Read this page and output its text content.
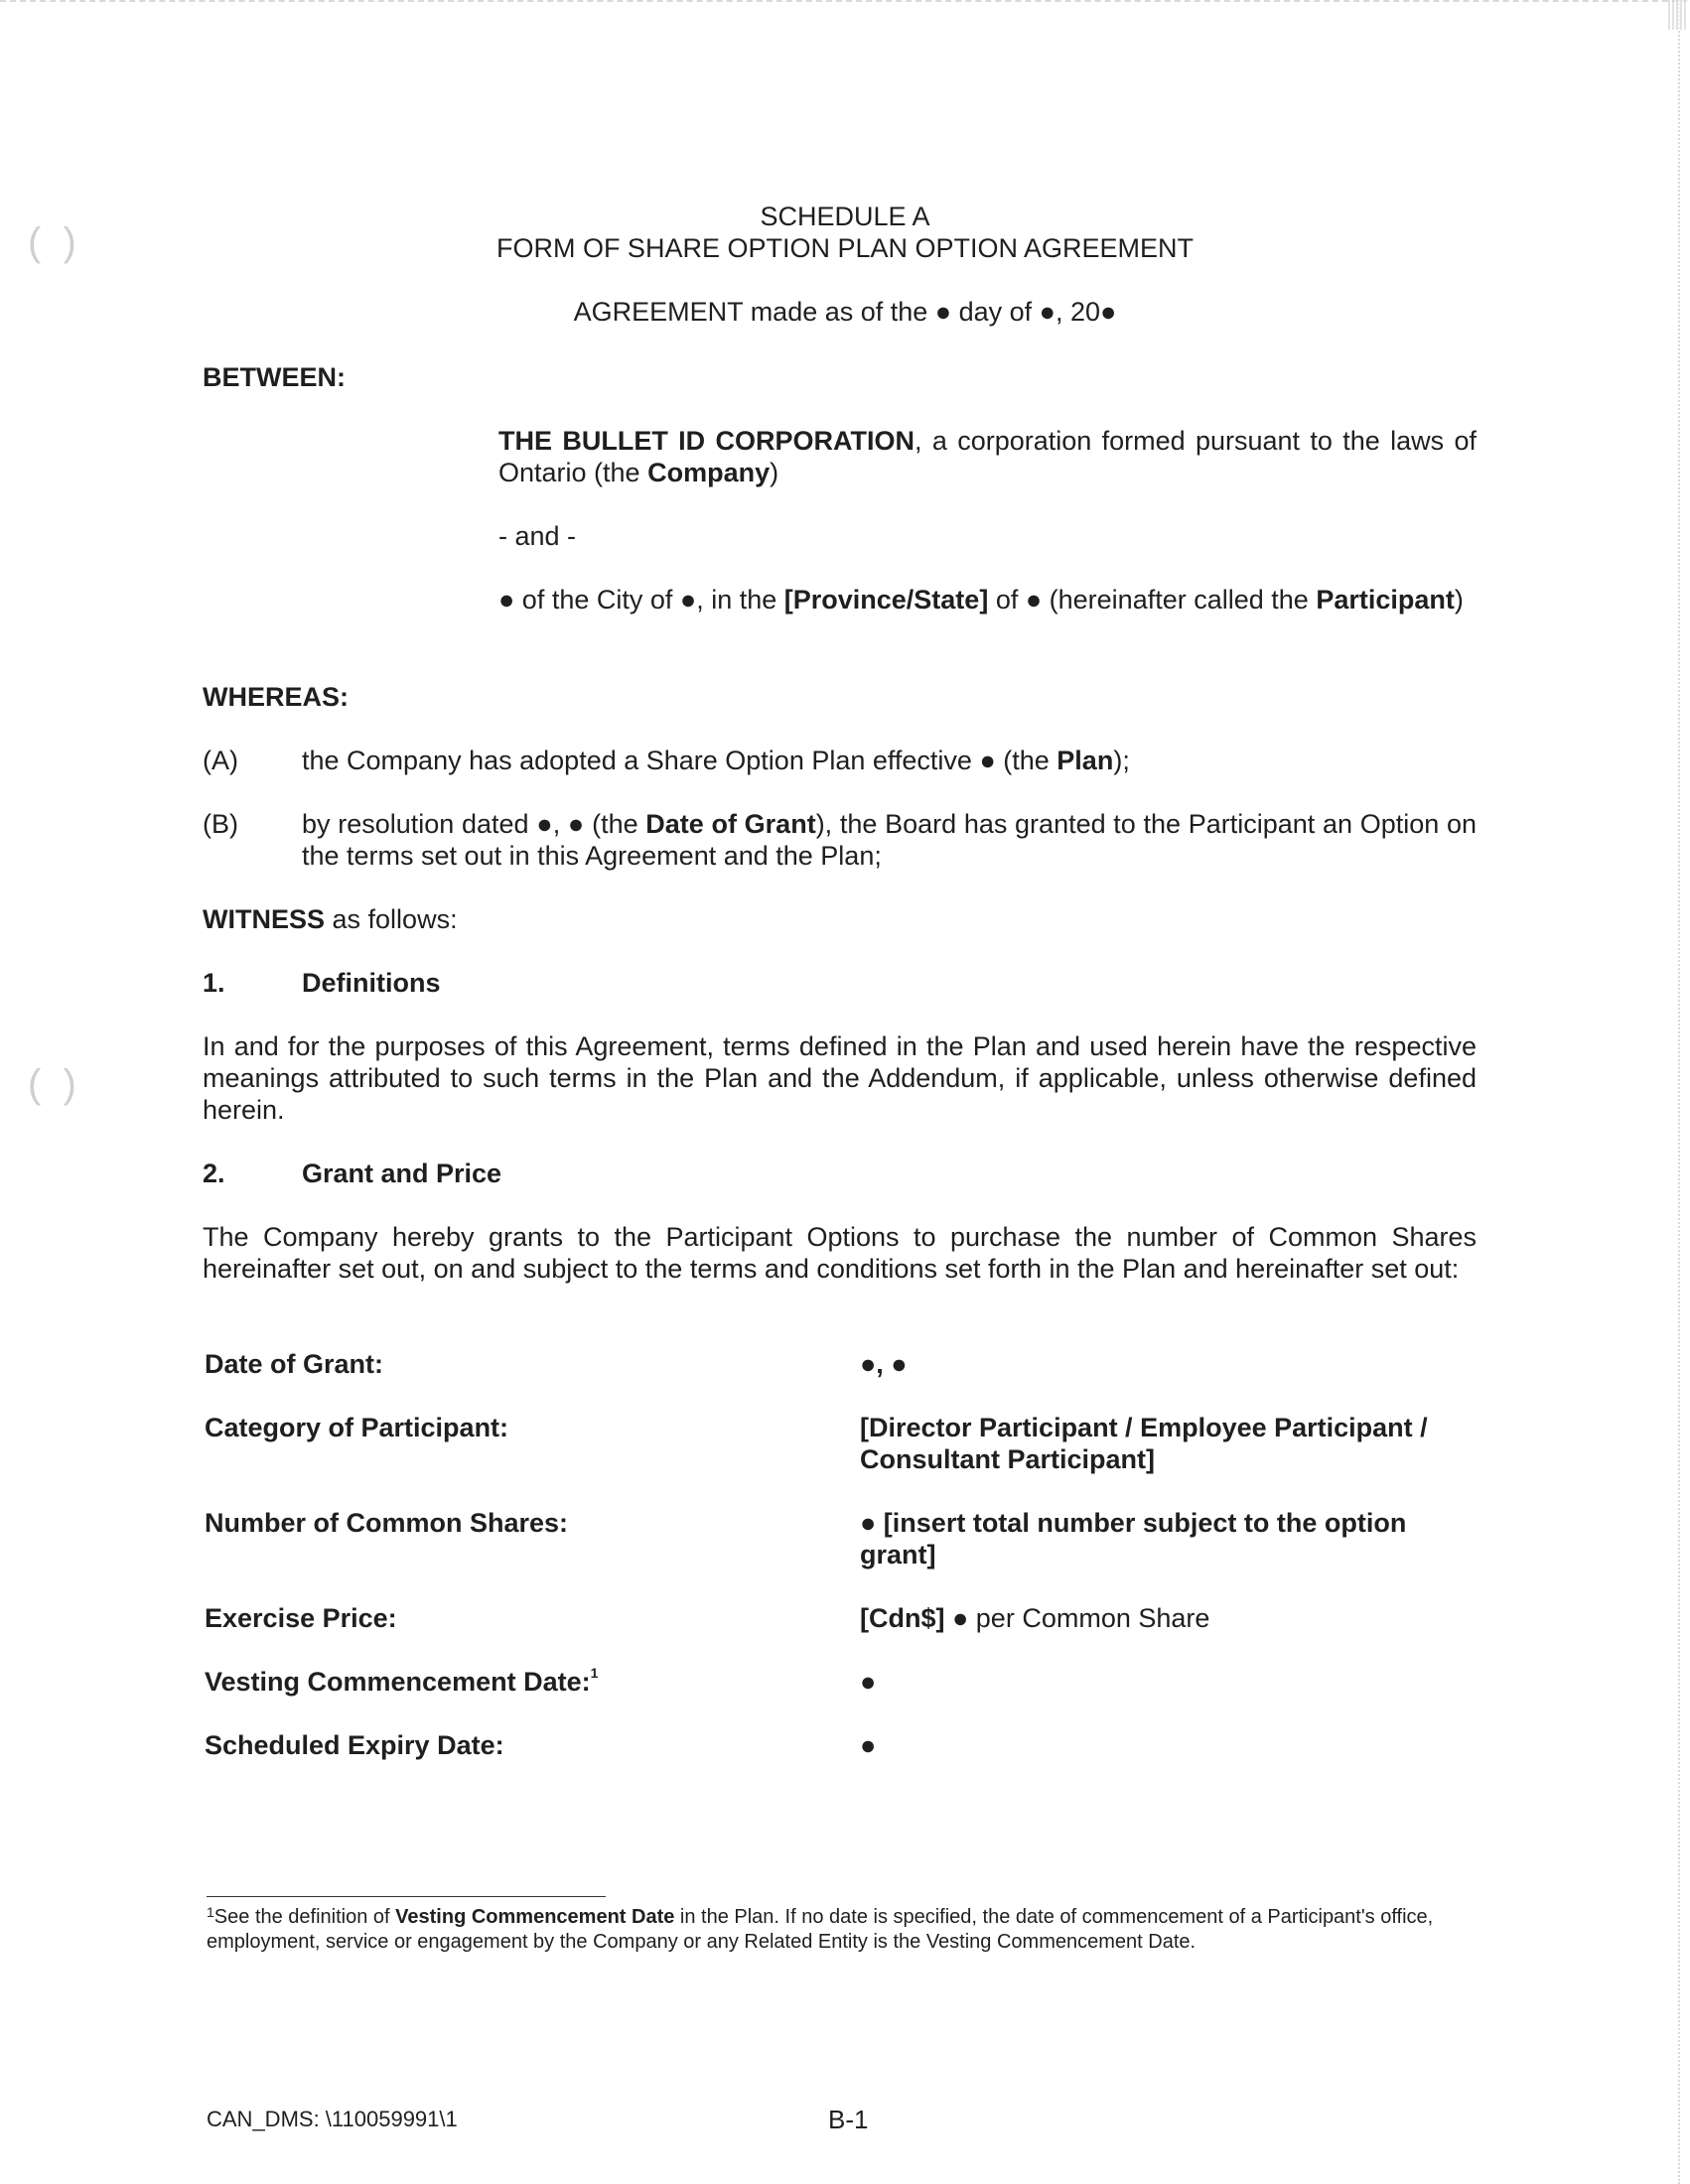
(  )
(  )
SCHEDULE A
FORM OF SHARE OPTION PLAN OPTION AGREEMENT
AGREEMENT made as of the ● day of ●, 20●
BETWEEN:
THE BULLET ID CORPORATION, a corporation formed pursuant to the laws of Ontario (the Company)
- and -
● of the City of ●, in the [Province/State] of ● (hereinafter called the Participant)
WHEREAS:
(A) the Company has adopted a Share Option Plan effective ● (the Plan);
(B) by resolution dated ●, ● (the Date of Grant), the Board has granted to the Participant an Option on the terms set out in this Agreement and the Plan;
WITNESS as follows:
1.	Definitions
In and for the purposes of this Agreement, terms defined in the Plan and used herein have the respective meanings attributed to such terms in the Plan and the Addendum, if applicable, unless otherwise defined herein.
2.	Grant and Price
The Company hereby grants to the Participant Options to purchase the number of Common Shares hereinafter set out, on and subject to the terms and conditions set forth in the Plan and hereinafter set out:
Date of Grant:	●, ●
Category of Participant:	[Director Participant / Employee Participant / Consultant Participant]
Number of Common Shares:	● [insert total number subject to the option grant]
Exercise Price:	[Cdn$] ● per Common Share
Vesting Commencement Date:$^1$	●
Scheduled Expiry Date:	●
$^1$See the definition of Vesting Commencement Date in the Plan. If no date is specified, the date of commencement of a Participant's office, employment, service or engagement by the Company or any Related Entity is the Vesting Commencement Date.
CAN_DMS: \110059991\1	B-1
